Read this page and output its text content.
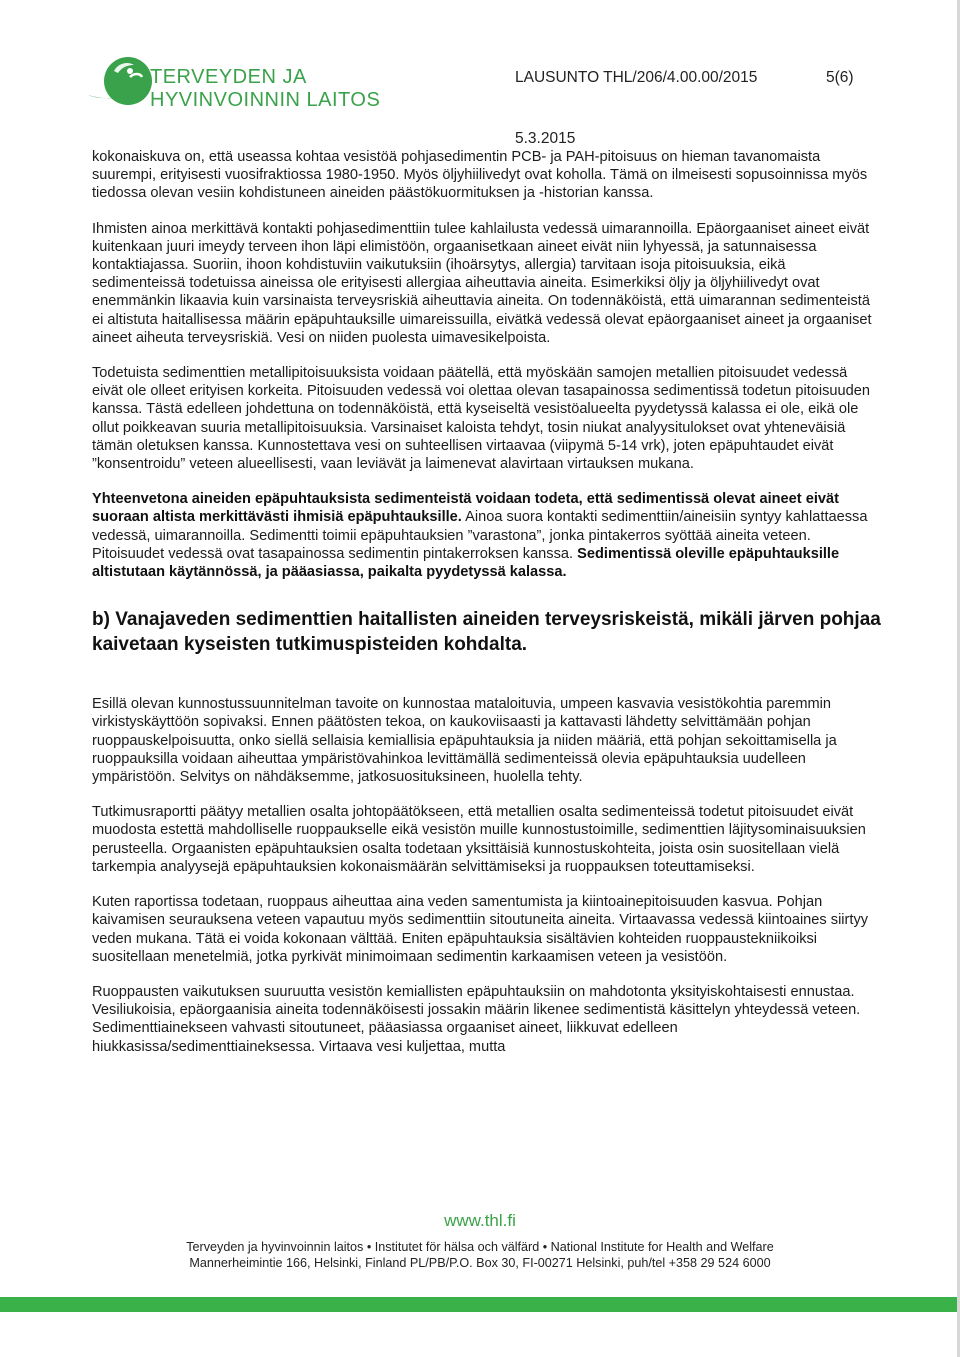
TERVEYDEN JA
HYVINVOINNIN LAITOS
LAUSUNTO THL/206/4.00.00/2015	5(6)
5.3.2015

kokonaiskuva on, että useassa kohtaa vesistöä pohjasedimentin PCB- ja PAH-pitoisuus on hieman tavanomaista suurempi, erityisesti vuosifraktiossa 1980-1950. Myös öljyhiilivedyt ovat koholla. Tämä on ilmeisesti sopusoinnissa myös tiedossa olevan vesiin kohdistuneen aineiden päästökuormituksen ja -historian kanssa.

Ihmisten ainoa merkittävä kontakti pohjasedimenttiin tulee kahlailusta vedessä uimarannoilla. Epäorgaaniset aineet eivät kuitenkaan juuri imeydy terveen ihon läpi elimistöön, orgaanisetkaan aineet eivät niin lyhyessä, ja satunnaisessa kontaktiajassa. Suoriin, ihoon kohdistuviin vaikutuksiin (ihoärsytys, allergia) tarvitaan isoja pitoisuuksia, eikä sedimenteissä todetuissa aineissa ole erityisesti allergiaa aiheuttavia aineita. Esimerkiksi öljy ja öljyhiilivedyt ovat enemmänkin likaavia kuin varsinaista terveysriskiä aiheuttavia aineita. On todennäköistä, että uimarannan sedimenteistä ei altistuta haitallisessa määrin epäpuhtauksille uimareissuilla, eivätkä vedessä olevat epäorgaaniset aineet ja orgaaniset aineet aiheuta terveysriskiä. Vesi on niiden puolesta uimavesikelpoista.

Todetuista sedimenttien metallipitoisuuksista voidaan päätellä, että myöskään samojen metallien pitoisuudet vedessä eivät ole olleet erityisen korkeita. Pitoisuuden vedessä voi olettaa olevan tasapainossa sedimentissä todetun pitoisuuden kanssa. Tästä edelleen johdettuna on todennäköistä, että kyseiseltä vesistöalueelta pyydetyssä kalassa ei ole, eikä ole ollut poikkeavan suuria metallipitoisuuksia. Varsinaiset kaloista tehdyt, tosin niukat analyysitulokset ovat yhteneväisiä tämän oletuksen kanssa. Kunnostettava vesi on suhteellisen virtaavaa (viipymä 5-14 vrk), joten epäpuhtaudet eivät ”konsentroidu” veteen alueellisesti, vaan leviävät ja laimenevat alavirtaan virtauksen mukana.

Yhteenvetona aineiden epäpuhtauksista sedimenteistä voidaan todeta, että sedimentissä olevat aineet eivät suoraan altista merkittävästi ihmisiä epäpuhtauksille. Ainoa suora kontakti sedimenttiin/aineisiin syntyy kahlattaessa vedessä, uimarannoilla. Sedimentti toimii epäpuhtauksien ”varastona”, jonka pintakerros syöttää aineita veteen. Pitoisuudet vedessä ovat tasapainossa sedimentin pintakerroksen kanssa. Sedimentissä oleville epäpuhtauksille altistutaan käytännössä, ja pääasiassa, paikalta pyydetyssä kalassa.

b) Vanajaveden sedimenttien haitallisten aineiden terveysriskeistä, mikäli järven pohjaa kaivetaan kyseisten tutkimuspisteiden kohdalta.

Esillä olevan kunnostussuunnitelman tavoite on kunnostaa mataloituvia, umpeen kasvavia vesistökohtia paremmin virkistyskäyttöön sopivaksi. Ennen päätösten tekoa, on kaukoviisaasti ja kattavasti lähdetty selvittämään pohjan ruoppauskelpoisuutta, onko siellä sellaisia kemiallisia epäpuhtauksia ja niiden määriä, että pohjan sekoittamisella ja ruoppauksilla voidaan aiheuttaa ympäristövahinkoa levittämällä sedimenteissä olevia epäpuhtauksia uudelleen ympäristöön. Selvitys on nähdäksemme, jatkosuosituksineen, huolella tehty.

Tutkimusraportti päätyy metallien osalta johtopäätökseen, että metallien osalta sedimenteissä todetut pitoisuudet eivät muodosta estettä mahdolliselle ruoppaukselle eikä vesistön muille kunnostustoimille, sedimenttien läjitysominaisuuksien perusteella. Orgaanisten epäpuhtauksien osalta todetaan yksittäisiä kunnostuskohteita, joista osin suositellaan vielä tarkempia analyysejä epäpuhtauksien kokonaismäärän selvittämiseksi ja ruoppauksen toteuttamiseksi.

Kuten raportissa todetaan, ruoppaus aiheuttaa aina veden samentumista ja kiintoainepitoisuuden kasvua. Pohjan kaivamisen seurauksena veteen vapautuu myös sedimenttiin sitoutuneita aineita. Virtaavassa vedessä kiintoaines siirtyy veden mukana. Tätä ei voida kokonaan välttää. Eniten epäpuhtauksia sisältävien kohteiden ruoppaustekniikoiksi suositellaan menetelmiä, jotka pyrkivät minimoimaan sedimentin karkaamisen veteen ja vesistöön.

Ruoppausten vaikutuksen suuruutta vesistön kemiallisten epäpuhtauksiin on mahdotonta yksityiskohtaisesti ennustaa. Vesiliukoisia, epäorgaanisia aineita todennäköisesti jossakin määrin likenee sedimentistä käsittelyn yhteydessä veteen. Sedimenttiainekseen vahvasti sitoutuneet, pääasiassa orgaaniset aineet, liikkuvat edelleen hiukkasissa/sedimenttiaineksessa. Virtaava vesi kuljettaa, mutta

www.thl.fi
Terveyden ja hyvinvoinnin laitos • Institutet för hälsa och välfärd • National Institute for Health and Welfare
Mannerheimintie 166, Helsinki, Finland PL/PB/P.O. Box 30, FI-00271 Helsinki, puh/tel +358 29 524 6000
